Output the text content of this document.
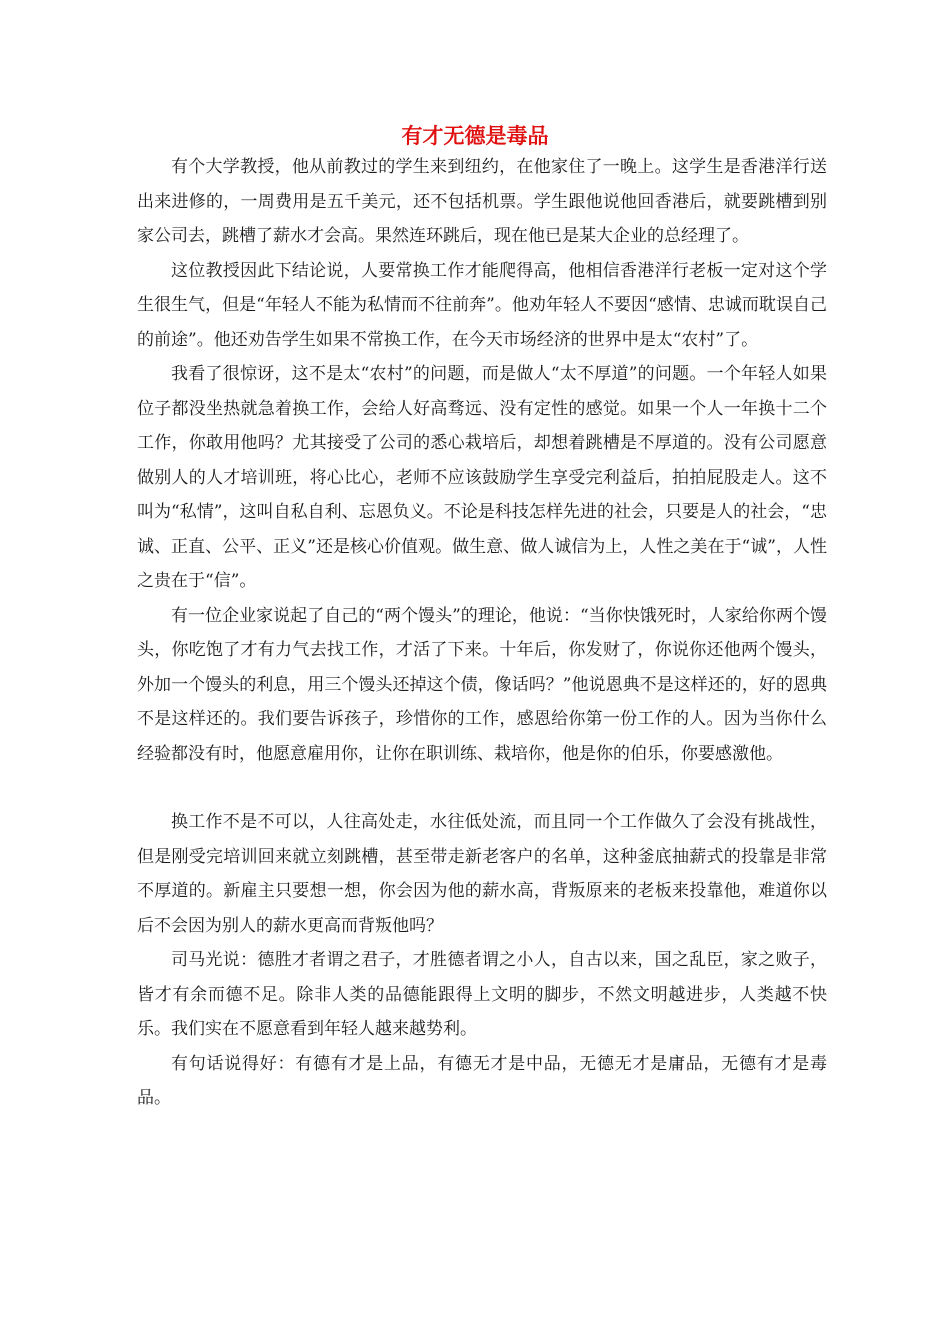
有才无德是毒品

有个大学教授，他从前教过的学生来到纽约，在他家住了一晚上。这学生是香港洋行送出来进修的，一周费用是五千美元，还不包括机票。学生跟他说他回香港后，就要跳槽到别家公司去，跳槽了薪水才会高。果然连环跳后，现在他已是某大企业的总经理了。

这位教授因此下结论说，人要常换工作才能爬得高，他相信香港洋行老板一定对这个学生很生气，但是“年轻人不能为私情而不往前奔”。他劝年轻人不要因“感情、忠诚而耽误自己的前途”。他还劝告学生如果不常换工作，在今天市场经济的世界中是太“农村”了。

我看了很惊讶，这不是太“农村”的问题，而是做人“太不厚道”的问题。一个年轻人如果位子都没坐热就急着换工作，会给人好高骛远、没有定性的感觉。如果一个人一年换十二个工作，你敢用他吗？尤其接受了公司的悉心栽培后，却想着跳槽是不厚道的。没有公司愿意做别人的人才培训班，将心比心，老师不应该鼓励学生享受完利益后，拍拍屁股走人。这不叫为“私情”，这叫自私自利、忘恩负义。不论是科技怎样先进的社会，只要是人的社会，“忠诚、正直、公平、正义”还是核心价值观。做生意、做人诚信为上，人性之美在于“诚”，人性之贵在于“信”。

有一位企业家说起了自己的“两个馒头”的理论，他说：“当你快饿死时，人家给你两个馒头，你吃饱了才有力气去找工作，才活了下来。十年后，你发财了，你说你还他两个馒头，外加一个馒头的利息，用三个馒头还掉这个债，像话吗？”他说恩典不是这样还的，好的恩典不是这样还的。我们要告诉孩子，珍惜你的工作，感恩给你第一份工作的人。因为当你什么经验都没有时，他愿意雇用你，让你在职训练、栽培你，他是你的伯乐，你要感激他。

换工作不是不可以，人往高处走，水往低处流，而且同一个工作做久了会没有挑战性，但是刚受完培训回来就立刻跳槽，甚至带走新老客户的名单，这种釜底抽薪式的投靠是非常不厚道的。新雇主只要想一想，你会因为他的薪水高，背叛原来的老板来投靠他，难道你以后不会因为别人的薪水更高而背叛他吗？

司马光说：德胜才者谓之君子，才胜德者谓之小人，自古以来，国之乱臣，家之败子，皆才有余而德不足。除非人类的品德能跟得上文明的脚步，不然文明越进步，人类越不快乐。我们实在不愿意看到年轻人越来越势利。

有句话说得好：有德有才是上品，有德无才是中品，无德无才是庸品，无德有才是毒品。
